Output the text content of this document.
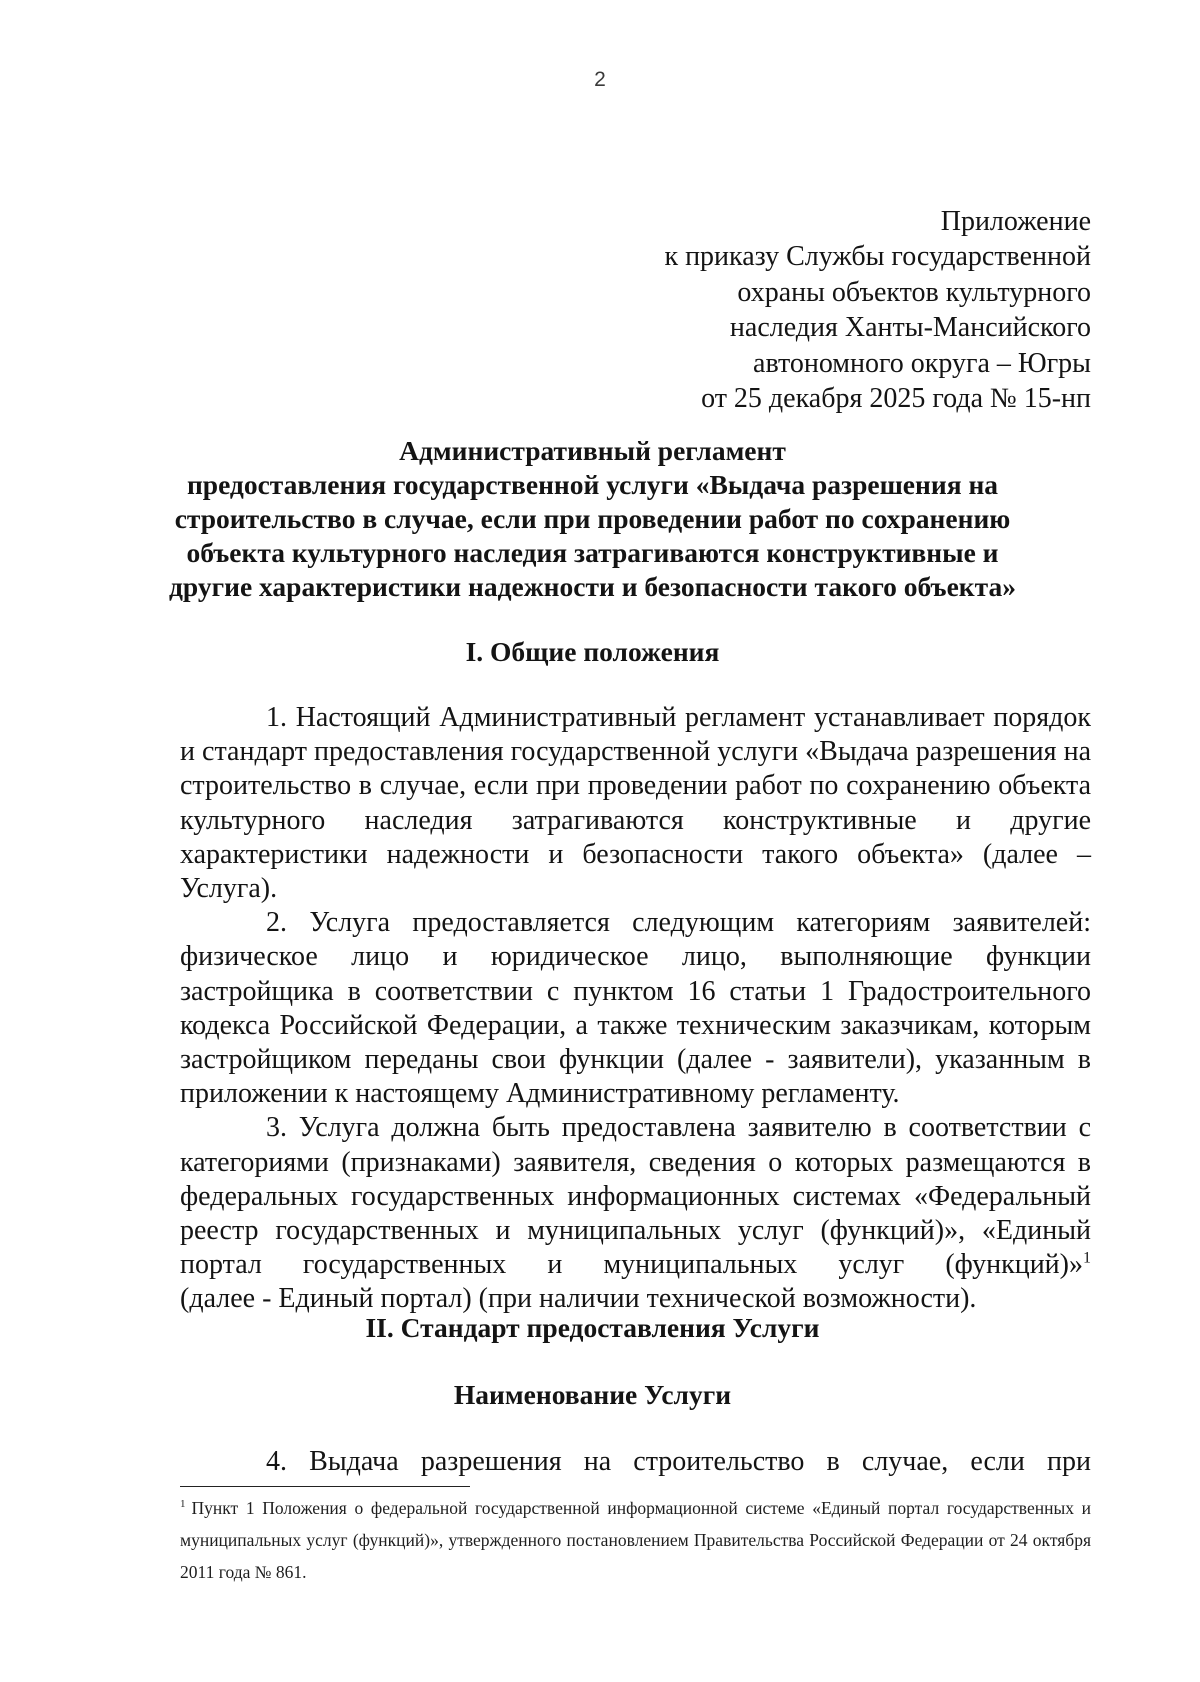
2
Приложение
к приказу Службы государственной
охраны объектов культурного
наследия Ханты-Мансийского
автономного округа – Югры
от 25 декабря 2025 года № 15-нп
Административный регламент
предоставления государственной услуги «Выдача разрешения на
строительство в случае, если при проведении работ по сохранению
объекта культурного наследия затрагиваются конструктивные и
другие характеристики надежности и безопасности такого объекта»
I. Общие положения

1. Настоящий Административный регламент устанавливает порядок и стандарт предоставления государственной услуги «Выдача разрешения на строительство в случае, если при проведении работ по сохранению объекта культурного наследия затрагиваются конструктивные и другие характеристики надежности и безопасности такого объекта» (далее – Услуга).

2. Услуга предоставляется следующим категориям заявителей: физическое лицо и юридическое лицо, выполняющие функции застройщика в соответствии с пунктом 16 статьи 1 Градостроительного кодекса Российской Федерации, а также техническим заказчикам, которым застройщиком переданы свои функции (далее - заявители), указанным в приложении к настоящему Административному регламенту.

3. Услуга должна быть предоставлена заявителю в соответствии с категориями (признаками) заявителя, сведения о которых размещаются в федеральных государственных информационных системах «Федеральный реестр государственных и муниципальных услуг (функций)», «Единый портал государственных и муниципальных услуг (функций)»$^1$

(далее - Единый портал) (при наличии технической возможности).

II. Стандарт предоставления Услуги
Наименование Услуги

4. Выдача разрешения на строительство в случае, если при

$^1$ Пункт 1 Положения о федеральной государственной информационной системе «Единый портал государственных и муниципальных услуг (функций)», утвержденного постановлением Правительства Российской Федерации от 24 октября 2011 года № 861.
